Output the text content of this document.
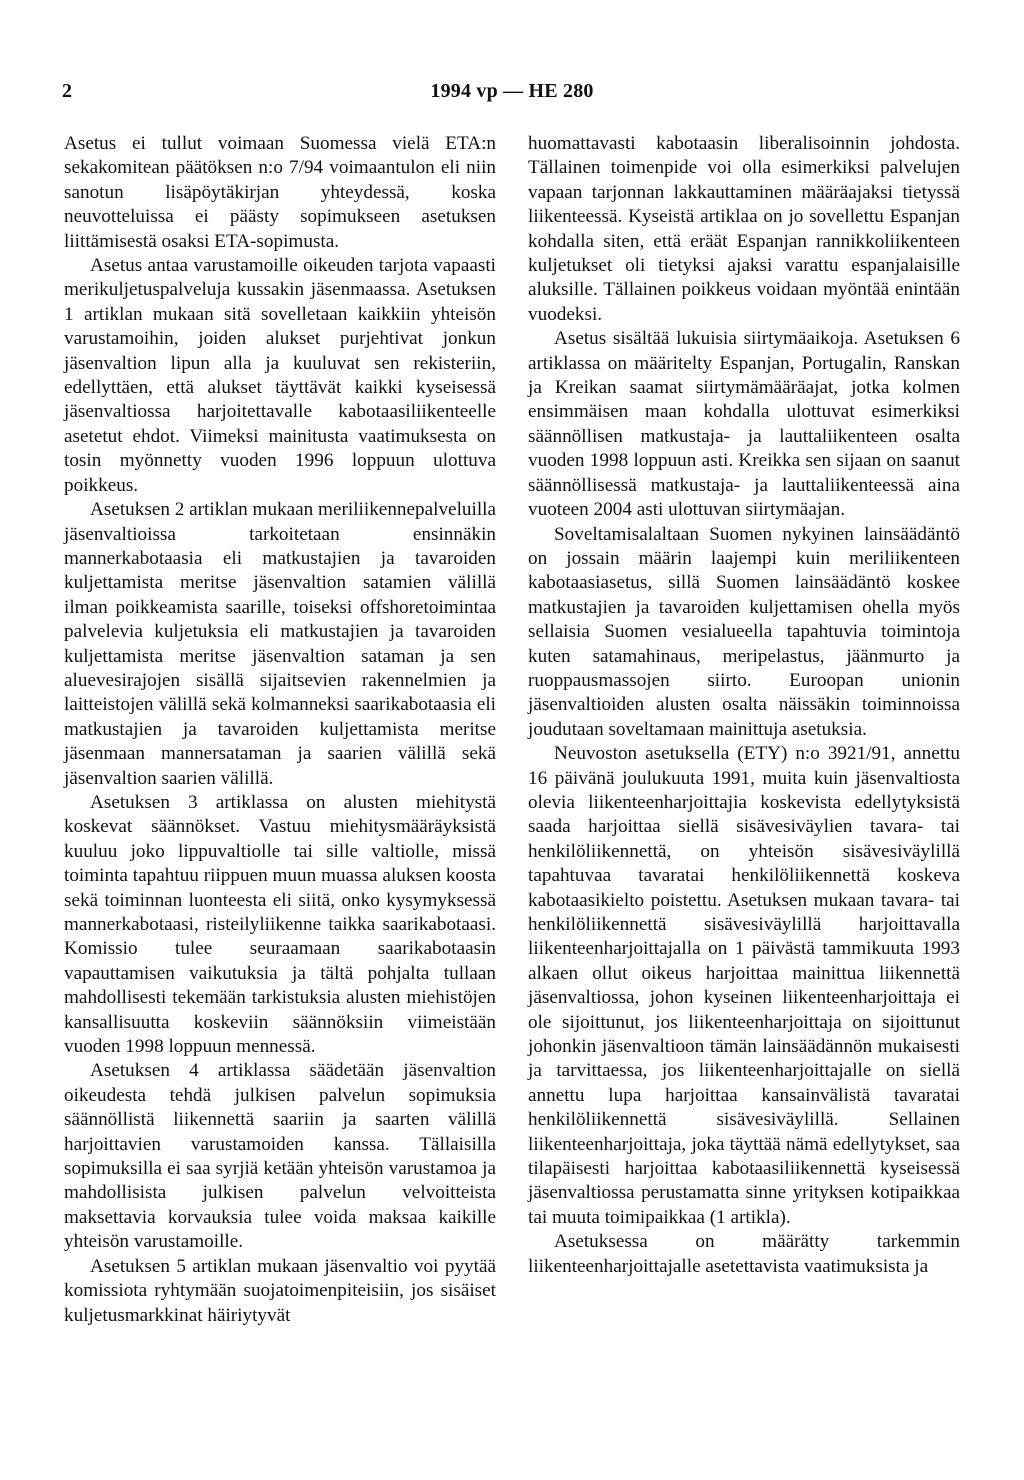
2	1994 vp — HE 280

Asetus ei tullut voimaan Suomessa vielä ETA:n sekakomitean päätöksen n:o 7/94 voimaantulon eli niin sanotun lisäpöytäkirjan yhteydessä, koska neuvotteluissa ei päästy sopimukseen asetuksen liittämisestä osaksi ETA-sopimusta.

Asetus antaa varustamoille oikeuden tarjota vapaasti merikuljetuspalveluja kussakin jäsenmaassa. Asetuksen 1 artiklan mukaan sitä sovelletaan kaikkiin yhteisön varustamoihin, joiden alukset purjehtivat jonkun jäsenvaltion lipun alla ja kuuluvat sen rekisteriin, edellyttäen, että alukset täyttävät kaikki kyseisessä jäsenvaltiossa harjoitettavalle kabotaasiliikenteelle asetetut ehdot. Viimeksi mainitusta vaatimuksesta on tosin myönnetty vuoden 1996 loppuun ulottuva poikkeus.

Asetuksen 2 artiklan mukaan meriliikennepalveluilla jäsenvaltioissa tarkoitetaan ensinnäkin mannerkabotaasia eli matkustajien ja tavaroiden kuljettamista meritse jäsenvaltion satamien välillä ilman poikkeamista saarille, toiseksi offshoretoimintaa palvelevia kuljetuksia eli matkustajien ja tavaroiden kuljettamista meritse jäsenvaltion sataman ja sen aluevesirajojen sisällä sijaitsevien rakennelmien ja laitteistojen välillä sekä kolmanneksi saarikabotaasia eli matkustajien ja tavaroiden kuljettamista meritse jäsenmaan mannersataman ja saarien välillä sekä jäsenvaltion saarien välillä.

Asetuksen 3 artiklassa on alusten miehitystä koskevat säännökset. Vastuu miehitysmääräyksistä kuuluu joko lippuvaltiolle tai sille valtiolle, missä toiminta tapahtuu riippuen muun muassa aluksen koosta sekä toiminnan luonteesta eli siitä, onko kysymyksessä mannerkabotaasi, risteilyliikenne taikka saarikabotaasi. Komissio tulee seuraamaan saarikabotaasin vapauttamisen vaikutuksia ja tältä pohjalta tullaan mahdollisesti tekemään tarkistuksia alusten miehistöjen kansallisuutta koskeviin säännöksiin viimeistään vuoden 1998 loppuun mennessä.

Asetuksen 4 artiklassa säädetään jäsenvaltion oikeudesta tehdä julkisen palvelun sopimuksia säännöllistä liikennettä saariin ja saarten välillä harjoittavien varustamoiden kanssa. Tällaisilla sopimuksilla ei saa syrjiä ketään yhteisön varustamoa ja mahdollisista julkisen palvelun velvoitteista maksettavia korvauksia tulee voida maksaa kaikille yhteisön varustamoille.

Asetuksen 5 artiklan mukaan jäsenvaltio voi pyytää komissiota ryhtymään suojatoimenpiteisiin, jos sisäiset kuljetusmarkkinat häiriytyvät

huomattavasti kabotaasin liberalisoinnin johdosta. Tällainen toimenpide voi olla esimerkiksi palvelujen vapaan tarjonnan lakkauttaminen määräajaksi tietyssä liikenteessä. Kyseistä artiklaa on jo sovellettu Espanjan kohdalla siten, että eräät Espanjan rannikkoliikenteen kuljetukset oli tietyksi ajaksi varattu espanjalaisille aluksille. Tällainen poikkeus voidaan myöntää enintään vuodeksi.

Asetus sisältää lukuisia siirtymäaikoja. Asetuksen 6 artiklassa on määritelty Espanjan, Portugalin, Ranskan ja Kreikan saamat siirtymämääräajat, jotka kolmen ensimmäisen maan kohdalla ulottuvat esimerkiksi säännöllisen matkustaja- ja lauttaliikenteen osalta vuoden 1998 loppuun asti. Kreikka sen sijaan on saanut säännöllisessä matkustaja- ja lauttaliikenteessä aina vuoteen 2004 asti ulottuvan siirtymäajan.

Soveltamisalaltaan Suomen nykyinen lainsäädäntö on jossain määrin laajempi kuin meriliikenteen kabotaasiasetus, sillä Suomen lainsäädäntö koskee matkustajien ja tavaroiden kuljettamisen ohella myös sellaisia Suomen vesialueella tapahtuvia toimintoja kuten satamahinaus, meripelastus, jäänmurto ja ruoppausmassojen siirto. Euroopan unionin jäsenvaltioiden alusten osalta näissäkin toiminnoissa joudutaan soveltamaan mainittuja asetuksia.

Neuvoston asetuksella (ETY) n:o 3921/91, annettu 16 päivänä joulukuuta 1991, muita kuin jäsenvaltiosta olevia liikenteenharjoittajia koskevista edellytyksistä saada harjoittaa siellä sisävesiväylien tavara- tai henkilöliikennettä, on yhteisön sisävesiväylillä tapahtuvaa tavaratai henkilöliikennettä koskeva kabotaasikielto poistettu. Asetuksen mukaan tavara- tai henkilöliikennettä sisävesiväylillä harjoittavalla liikenteenharjoittajalla on 1 päivästä tammikuuta 1993 alkaen ollut oikeus harjoittaa mainittua liikennettä jäsenvaltiossa, johon kyseinen liikenteenharjoittaja ei ole sijoittunut, jos liikenteenharjoittaja on sijoittunut johonkin jäsenvaltioon tämän lainsäädännön mukaisesti ja tarvittaessa, jos liikenteenharjoittajalle on siellä annettu lupa harjoittaa kansainvälistä tavaratai henkilöliikennettä sisävesiväylillä. Sellainen liikenteenharjoittaja, joka täyttää nämä edellytykset, saa tilapäisesti harjoittaa kabotaasiliikennettä kyseisessä jäsenvaltiossa perustamatta sinne yrityksen kotipaikkaa tai muuta toimipaikkaa (1 artikla).

Asetuksessa on määrätty tarkemmin liikenteenharjoittajalle asetettavista vaatimuksista ja
